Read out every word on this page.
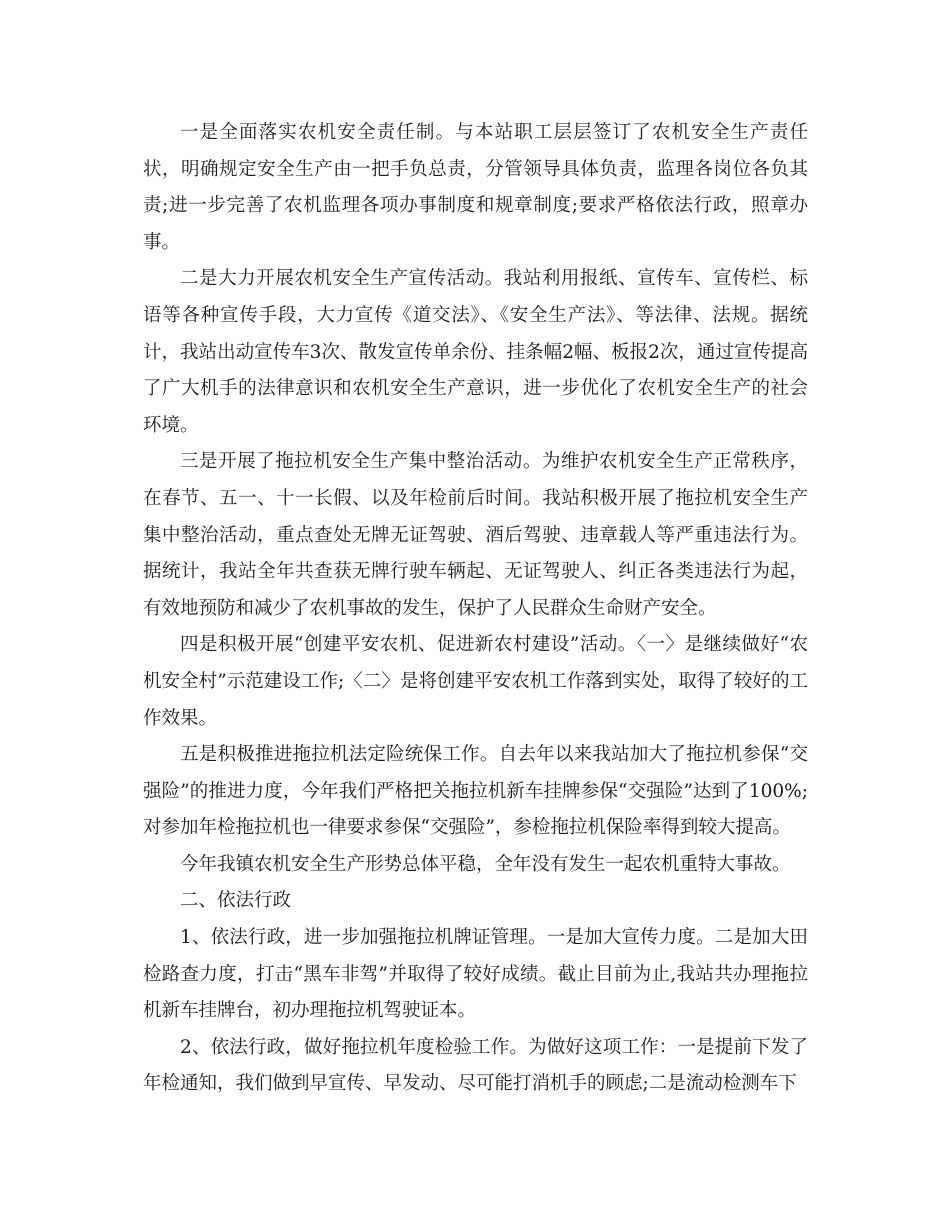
一是全面落实农机安全责任制。与本站职工层层签订了农机安全生产责任状，明确规定安全生产由一把手负总责，分管领导具体负责，监理各岗位各负其责;进一步完善了农机监理各项办事制度和规章制度;要求严格依法行政，照章办事。

二是大力开展农机安全生产宣传活动。我站利用报纸、宣传车、宣传栏、标语等各种宣传手段，大力宣传《道交法》、《安全生产法》、等法律、法规。据统计，我站出动宣传车3次、散发宣传单余份、挂条幅2幅、板报2次，通过宣传提高了广大机手的法律意识和农机安全生产意识，进一步优化了农机安全生产的社会环境。

三是开展了拖拉机安全生产集中整治活动。为维护农机安全生产正常秩序，在春节、五一、十一长假、以及年检前后时间。我站积极开展了拖拉机安全生产集中整治活动，重点查处无牌无证驾驶、酒后驾驶、违章载人等严重违法行为。据统计，我站全年共查获无牌行驶车辆起、无证驾驶人、纠正各类违法行为起，有效地预防和减少了农机事故的发生，保护了人民群众生命财产安全。

四是积极开展“创建平安农机、促进新农村建设”活动。〈一〉是继续做好“农机安全村”示范建设工作;〈二〉是将创建平安农机工作落到实处，取得了较好的工作效果。

五是积极推进拖拉机法定险统保工作。自去年以来我站加大了拖拉机参保“交强险”的推进力度，今年我们严格把关拖拉机新车挂牌参保“交强险”达到了100%;对参加年检拖拉机也一律要求参保“交强险”，参检拖拉机保险率得到较大提高。

今年我镇农机安全生产形势总体平稳，全年没有发生一起农机重特大事故。

二、依法行政

1、依法行政，进一步加强拖拉机牌证管理。一是加大宣传力度。二是加大田检路查力度，打击“黑车非驾”并取得了较好成绩。截止目前为止,我站共办理拖拉机新车挂牌台，初办理拖拉机驾驶证本。

2、依法行政，做好拖拉机年度检验工作。为做好这项工作：一是提前下发了年检通知，我们做到早宣传、早发动、尽可能打消机手的顾虑;二是流动检测车下
